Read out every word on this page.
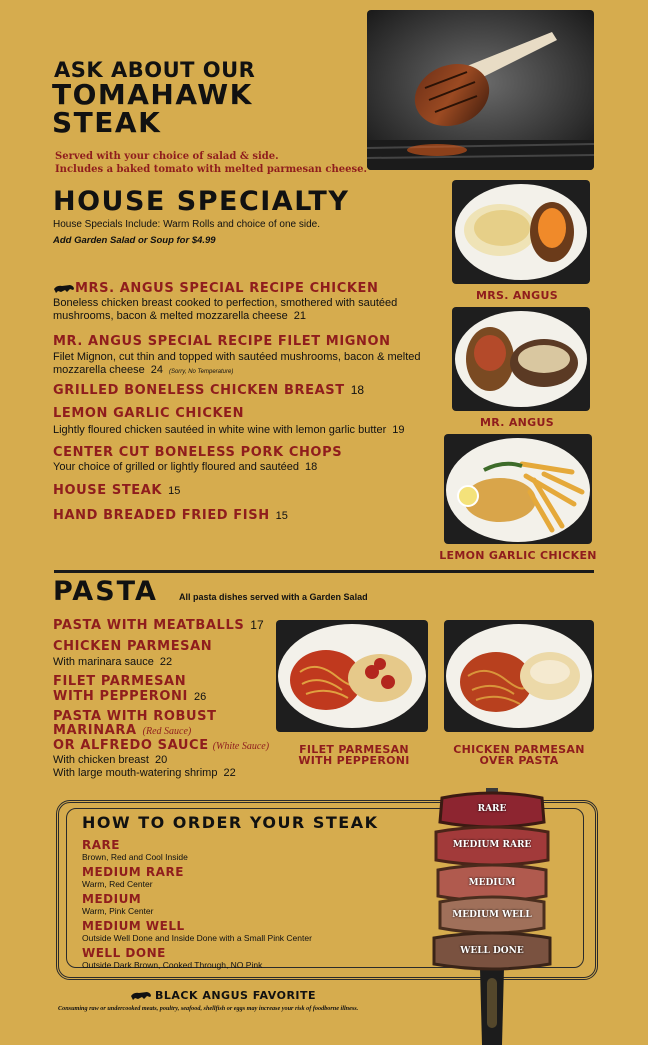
ASK ABOUT OUR
TOMAHAWK
STEAK
Served with your choice of salad & side.
Includes a baked tomato with melted parmesan cheese.
HOUSE SPECIALTY
House Specials Include: Warm Rolls and choice of one side.
Add Garden Salad or Soup for $4.99
MRS. ANGUS SPECIAL RECIPE CHICKEN
Boneless chicken breast cooked to perfection, smothered with sautéed mushrooms, bacon & melted mozzarella cheese 21
MR. ANGUS SPECIAL RECIPE FILET MIGNON
Filet Mignon, cut thin and topped with sautéed mushrooms, bacon & melted mozzarella cheese 24 (Sorry, No Temperature)
GRILLED BONELESS CHICKEN BREAST 18
LEMON GARLIC CHICKEN
Lightly floured chicken sautéed in white wine with lemon garlic butter 19
CENTER CUT BONELESS PORK CHOPS
Your choice of grilled or lightly floured and sautéed 18
HOUSE STEAK 15
HAND BREADED FRIED FISH 15
MRS. ANGUS
MR. ANGUS
LEMON GARLIC CHICKEN
PASTA All pasta dishes served with a Garden Salad
PASTA WITH MEATBALLS 17
CHICKEN PARMESAN
With marinara sauce 22
FILET PARMESAN
WITH PEPPERONI 26
PASTA WITH ROBUST
MARINARA (Red Sauce)
OR ALFREDO SAUCE (White Sauce)
With chicken breast 20
With large mouth-watering shrimp 22
FILET PARMESAN
WITH PEPPERONI
CHICKEN PARMESAN
OVER PASTA
HOW TO ORDER YOUR STEAK
RARE
Brown, Red and Cool Inside
MEDIUM RARE
Warm, Red Center
MEDIUM
Warm, Pink Center
MEDIUM WELL
Outside Well Done and Inside Done with a Small Pink Center
WELL DONE
Outside Dark Brown, Cooked Through, NO Pink
RARE
MEDIUM RARE
MEDIUM
MEDIUM WELL
WELL DONE
BLACK ANGUS FAVORITE
Consuming raw or undercooked meats, poultry, seafood, shellfish or eggs may increase your risk of foodborne illness.
